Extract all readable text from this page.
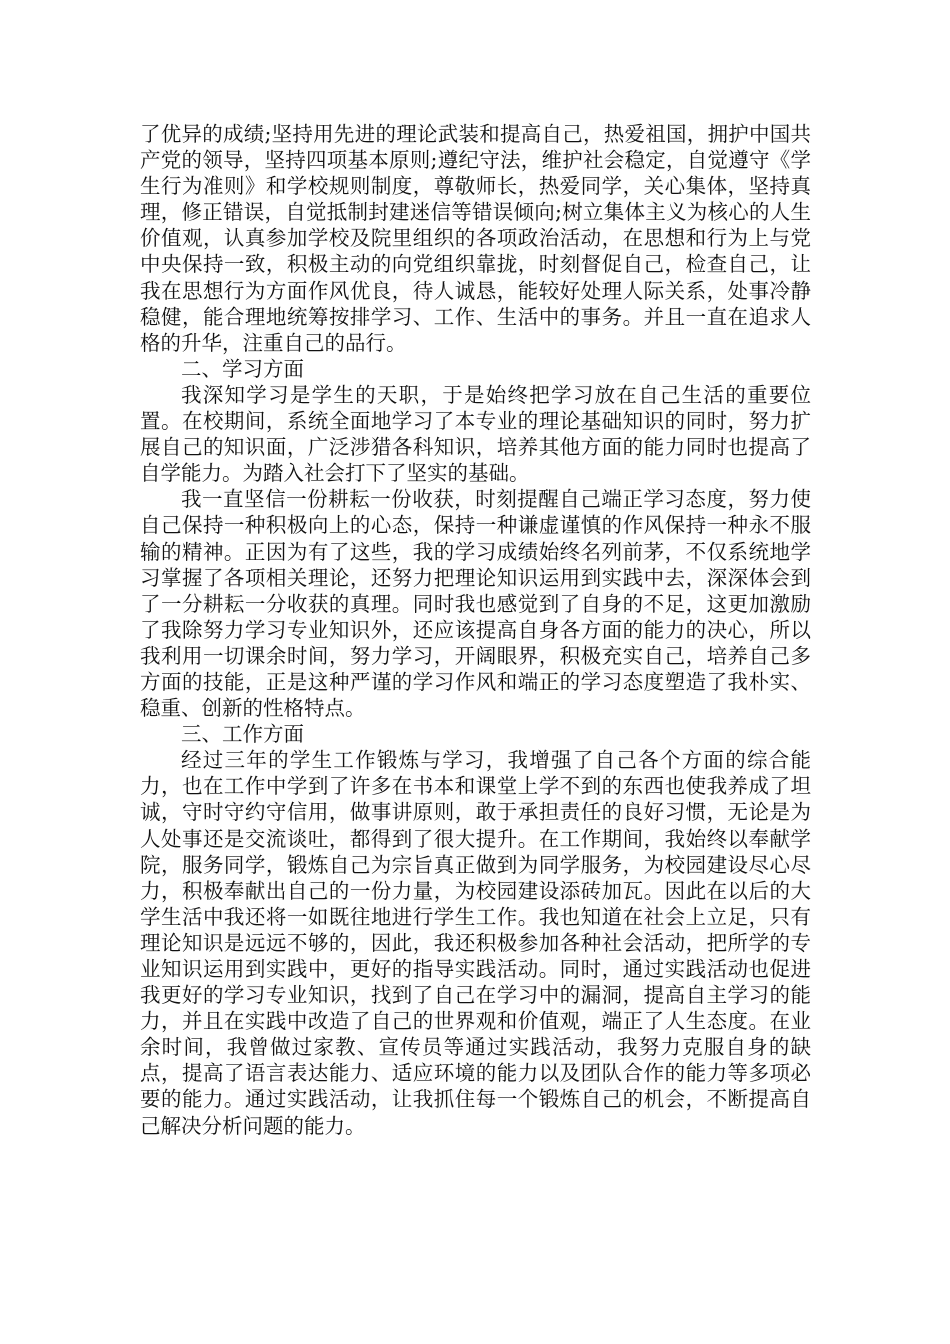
了优异的成绩;坚持用先进的理论武装和提高自己，热爱祖国，拥护中国共产党的领导，坚持四项基本原则;遵纪守法，维护社会稳定，自觉遵守《学生行为准则》和学校规则制度，尊敬师长，热爱同学，关心集体，坚持真理，修正错误，自觉抵制封建迷信等错误倾向;树立集体主义为核心的人生价值观，认真参加学校及院里组织的各项政治活动，在思想和行为上与党中央保持一致，积极主动的向党组织靠拢，时刻督促自己，检查自己，让我在思想行为方面作风优良，待人诚恳，能较好处理人际关系，处事冷静稳健，能合理地统筹按排学习、工作、生活中的事务。并且一直在追求人格的升华，注重自己的品行。

二、学习方面

我深知学习是学生的天职，于是始终把学习放在自己生活的重要位置。在校期间，系统全面地学习了本专业的理论基础知识的同时，努力扩展自己的知识面，广泛涉猎各科知识，培养其他方面的能力同时也提高了自学能力。为踏入社会打下了坚实的基础。

我一直坚信一份耕耘一份收获，时刻提醒自己端正学习态度，努力使自己保持一种积极向上的心态，保持一种谦虚谨慎的作风保持一种永不服输的精神。正因为有了这些，我的学习成绩始终名列前茅，不仅系统地学习掌握了各项相关理论，还努力把理论知识运用到实践中去，深深体会到了一分耕耘一分收获的真理。同时我也感觉到了自身的不足，这更加激励了我除努力学习专业知识外，还应该提高自身各方面的能力的决心，所以我利用一切课余时间，努力学习，开阔眼界，积极充实自己，培养自己多方面的技能，正是这种严谨的学习作风和端正的学习态度塑造了我朴实、稳重、创新的性格特点。

三、工作方面

经过三年的学生工作锻炼与学习，我增强了自己各个方面的综合能力，也在工作中学到了许多在书本和课堂上学不到的东西也使我养成了坦诚，守时守约守信用，做事讲原则，敢于承担责任的良好习惯，无论是为人处事还是交流谈吐，都得到了很大提升。在工作期间，我始终以奉献学院，服务同学，锻炼自己为宗旨真正做到为同学服务，为校园建设尽心尽力，积极奉献出自己的一份力量，为校园建设添砖加瓦。因此在以后的大学生活中我还将一如既往地进行学生工作。我也知道在社会上立足，只有理论知识是远远不够的，因此，我还积极参加各种社会活动，把所学的专业知识运用到实践中，更好的指导实践活动。同时，通过实践活动也促进我更好的学习专业知识，找到了自己在学习中的漏洞，提高自主学习的能力，并且在实践中改造了自己的世界观和价值观，端正了人生态度。在业余时间，我曾做过家教、宣传员等通过实践活动，我努力克服自身的缺点，提高了语言表达能力、适应环境的能力以及团队合作的能力等多项必要的能力。通过实践活动，让我抓住每一个锻炼自己的机会，不断提高自己解决分析问题的能力。
